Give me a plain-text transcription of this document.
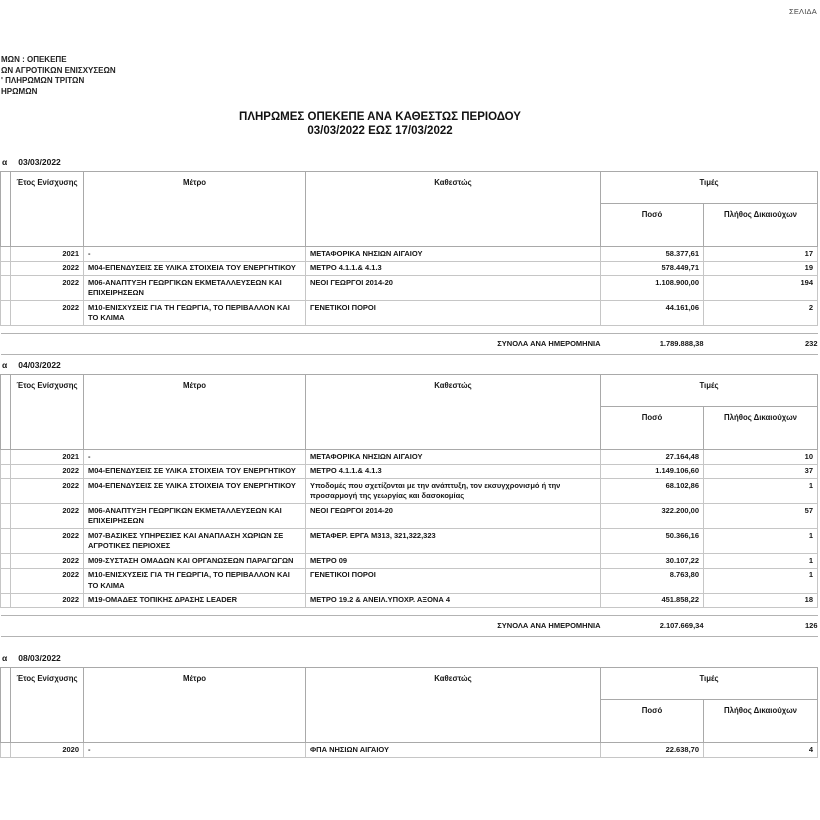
ΜΩΝ : ΟΠΕΚΕΠΕ
ΩΝ ΑΓΡΟΤΙΚΩΝ ΕΝΙΣΧΥΣΕΩΝ
' ΠΛΗΡΩΜΩΝ ΤΡΙΤΩΝ
ΗΡΩΜΩΝ
ΣΕΛΙΔΑ
ΠΛΗΡΩΜΕΣ ΟΠΕΚΕΠΕ ΑΝΑ ΚΑΘΕΣΤΩΣ ΠΕΡΙΟΔΟΥ
03/03/2022 ΕΩΣ 17/03/2022
α 03/03/2022
	Έτος Ενίσχυσης	Μέτρο	Καθεστώς	Τιμές	
				Ποσό	Πλήθος Δικαιούχων
	2021	-	ΜΕΤΑΦΟΡΙΚΑ ΝΗΣΙΩΝ ΑΙΓΑΙΟΥ	58.377,61	17
	2022	Μ04-ΕΠΕΝΔΥΣΕΙΣ ΣΕ ΥΛΙΚΑ ΣΤΟΙΧΕΙΑ ΤΟΥ ΕΝΕΡΓΗΤΙΚΟΥ	ΜΕΤΡΟ 4.1.1.& 4.1.3	578.449,71	19
	2022	Μ06-ΑΝΑΠΤΥΞΗ ΓΕΩΡΓΙΚΩΝ ΕΚΜΕΤΑΛΛΕΥΣΕΩΝ ΚΑΙ ΕΠΙΧΕΙΡΗΣΕΩΝ	ΝΕΟΙ ΓΕΩΡΓΟΙ 2014-20	1.108.900,00	194
	2022	Μ10-ΕΝΙΣΧΥΣΕΙΣ ΓΙΑ ΤΗ ΓΕΩΡΓΙΑ, ΤΟ ΠΕΡΙΒΑΛΛΟΝ ΚΑΙ ΤΟ ΚΛΙΜΑ	ΓΕΝΕΤΙΚΟΙ ΠΟΡΟΙ	44.161,06	2

ΣΥΝΟΛΑ ΑΝΑ ΗΜΕΡΟΜΗΝΙΑ				1.789.888,38	232
α 04/03/2022
	Έτος Ενίσχυσης	Μέτρο	Καθεστώς	Τιμές	
				Ποσό	Πλήθος Δικαιούχων
	2021	-	ΜΕΤΑΦΟΡΙΚΑ ΝΗΣΙΩΝ ΑΙΓΑΙΟΥ	27.164,48	10
	2022	Μ04-ΕΠΕΝΔΥΣΕΙΣ ΣΕ ΥΛΙΚΑ ΣΤΟΙΧΕΙΑ ΤΟΥ ΕΝΕΡΓΗΤΙΚΟΥ	ΜΕΤΡΟ 4.1.1.& 4.1.3	1.149.106,60	37
	2022	Μ04-ΕΠΕΝΔΥΣΕΙΣ ΣΕ ΥΛΙΚΑ ΣΤΟΙΧΕΙΑ ΤΟΥ ΕΝΕΡΓΗΤΙΚΟΥ	Υποδομές που σχετίζονται με την ανάπτυξη, τον εκσυγχρονισμό ή την προσαρμογή της γεωργίας και δασοκομίας	68.102,86	1
	2022	Μ06-ΑΝΑΠΤΥΞΗ ΓΕΩΡΓΙΚΩΝ ΕΚΜΕΤΑΛΛΕΥΣΕΩΝ ΚΑΙ ΕΠΙΧΕΙΡΗΣΕΩΝ	ΝΕΟΙ ΓΕΩΡΓΟΙ 2014-20	322.200,00	57
	2022	Μ07-ΒΑΣΙΚΕΣ ΥΠΗΡΕΣΙΕΣ ΚΑΙ ΑΝΑΠΛΑΣΗ ΧΩΡΙΩΝ ΣΕ ΑΓΡΟΤΙΚΕΣ ΠΕΡΙΟΧΕΣ	ΜΕΤΑΦΕΡ. ΕΡΓΑ Μ313, 321,322,323	50.366,16	1
	2022	Μ09-ΣΥΣΤΑΣΗ ΟΜΑΔΩΝ ΚΑΙ ΟΡΓΑΝΩΣΕΩΝ ΠΑΡΑΓΩΓΩΝ	ΜΕΤΡΟ 09	30.107,22	1
	2022	Μ10-ΕΝΙΣΧΥΣΕΙΣ ΓΙΑ ΤΗ ΓΕΩΡΓΙΑ, ΤΟ ΠΕΡΙΒΑΛΛΟΝ ΚΑΙ ΤΟ ΚΛΙΜΑ	ΓΕΝΕΤΙΚΟΙ ΠΟΡΟΙ	8.763,80	1
	2022	Μ19-ΟΜΑΔΕΣ ΤΟΠΙΚΗΣ ΔΡΑΣΗΣ LEADER	ΜΕΤΡΟ 19.2 & ΑΝΕΙΛ.ΥΠΟΧΡ. ΑΞΟΝΑ 4	451.858,22	18

ΣΥΝΟΛΑ ΑΝΑ ΗΜΕΡΟΜΗΝΙΑ				2.107.669,34	126
α 08/03/2022
	Έτος Ενίσχυσης	Μέτρο	Καθεστώς	Τιμές	
				Ποσό	Πλήθος Δικαιούχων
	2020	-	ΦΠΑ ΝΗΣΙΩΝ ΑΙΓΑΙΟΥ	22.638,70	4
